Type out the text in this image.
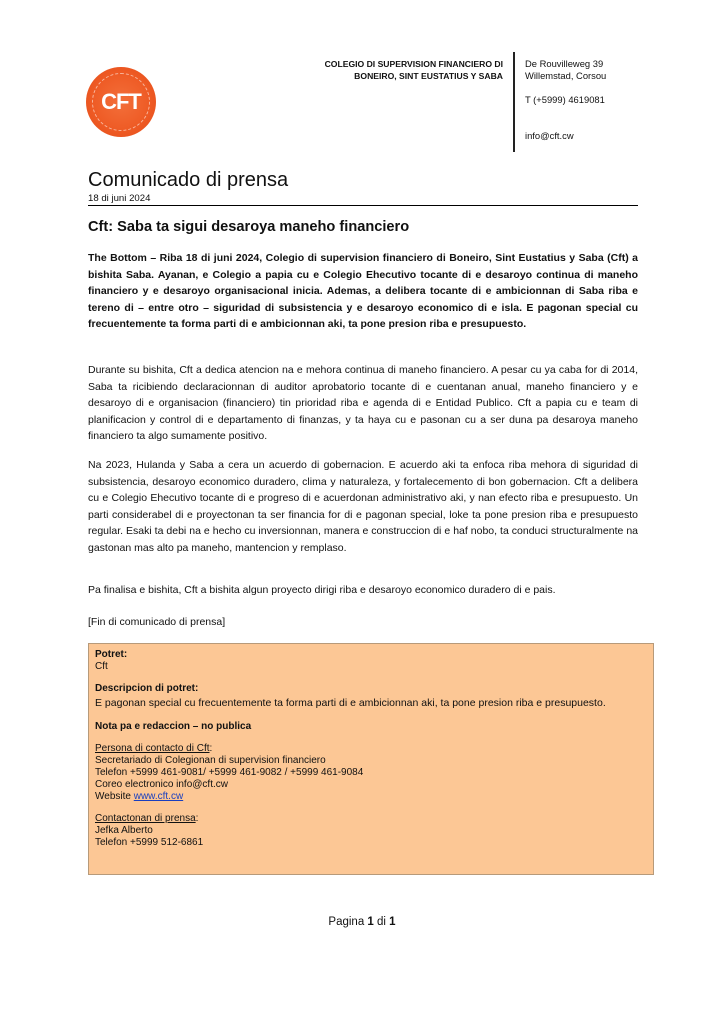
CFT
COLEGIO DI SUPERVISION FINANCIERO DI
BONEIRO, SINT EUSTATIUS Y SABA
De Rouvilleweg 39
Willemstad, Corsou
T (+5999) 4619081
info@cft.cw
Comunicado di prensa
18 di juni 2024
Cft: Saba ta sigui desaroya maneho financiero

The Bottom – Riba 18 di juni 2024, Colegio di supervision financiero di Boneiro, Sint Eustatius y Saba (Cft) a bishita Saba. Ayanan, e Colegio a papia cu e Colegio Ehecutivo tocante di e desaroyo continua di maneho financiero y e desaroyo organisacional inicia. Ademas, a delibera tocante di e ambicionnan di Saba riba e tereno di – entre otro – siguridad di subsistencia y e desaroyo economico di e isla. E pagonan special cu frecuentemente ta forma parti di e ambicionnan aki, ta pone presion riba e presupuesto.

Durante su bishita, Cft a dedica atencion na e mehora continua di maneho financiero. A pesar cu ya caba for di 2014, Saba ta ricibiendo declaracionnan di auditor aprobatorio tocante di e cuentanan anual, maneho financiero y e desaroyo di e organisacion (financiero) tin prioridad riba e agenda di e Entidad Publico. Cft a papia cu e team di planificacion y control di e departamento di finanzas, y ta haya cu e pasonan cu a ser duna pa desaroya maneho financiero ta algo sumamente positivo.

Na 2023, Hulanda y Saba a cera un acuerdo di gobernacion. E acuerdo aki ta enfoca riba mehora di siguridad di subsistencia, desaroyo economico duradero, clima y naturaleza, y fortalecemento di bon gobernacion. Cft a delibera cu e Colegio Ehecutivo tocante di e progreso di e acuerdonan administrativo aki, y nan efecto riba e presupuesto. Un parti considerabel di e proyectonan ta ser financia for di e pagonan special, loke ta pone presion riba e presupuesto regular. Esaki ta debi na e hecho cu inversionnan, manera e construccion di e haf nobo, ta conduci structuralmente na gastonan mas alto pa maneho, mantencion y remplaso.

Pa finalisa e bishita, Cft a bishita algun proyecto dirigi riba e desaroyo economico duradero di e pais.

[Fin di comunicado di prensa]

Potret:
Cft
Descripcion di potret:
E pagonan special cu frecuentemente ta forma parti di e ambicionnan aki, ta pone presion riba e presupuesto.
Nota pa e redaccion – no publica
Persona di contacto di Cft:
Secretariado di Colegionan di supervision financiero
Telefon +5999 461-9081/ +5999 461-9082 / +5999 461-9084
Coreo electronico info@cft.cw
Website www.cft.cw
Contactonan di prensa:
Jefka Alberto
Telefon +5999 512-6861
Pagina 1 di 1
